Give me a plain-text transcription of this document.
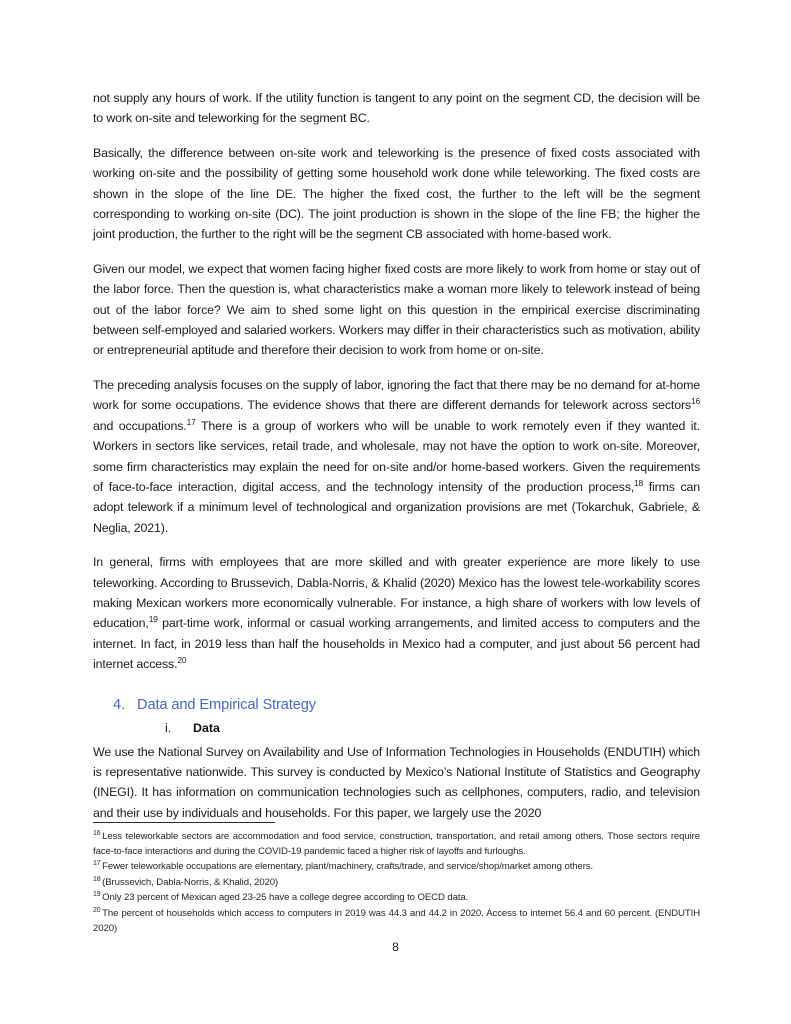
not supply any hours of work. If the utility function is tangent to any point on the segment CD, the decision will be to work on-site and teleworking for the segment BC.

Basically, the difference between on-site work and teleworking is the presence of fixed costs associated with working on-site and the possibility of getting some household work done while teleworking. The fixed costs are shown in the slope of the line DE. The higher the fixed cost, the further to the left will be the segment corresponding to working on-site (DC). The joint production is shown in the slope of the line FB; the higher the joint production, the further to the right will be the segment CB associated with home-based work.

Given our model, we expect that women facing higher fixed costs are more likely to work from home or stay out of the labor force. Then the question is, what characteristics make a woman more likely to telework instead of being out of the labor force? We aim to shed some light on this question in the empirical exercise discriminating between self-employed and salaried workers. Workers may differ in their characteristics such as motivation, ability or entrepreneurial aptitude and therefore their decision to work from home or on-site.

The preceding analysis focuses on the supply of labor, ignoring the fact that there may be no demand for at-home work for some occupations. The evidence shows that there are different demands for telework across sectors$^{16}$ and occupations.$^{17}$ There is a group of workers who will be unable to work remotely even if they wanted it. Workers in sectors like services, retail trade, and wholesale, may not have the option to work on-site. Moreover, some firm characteristics may explain the need for on-site and/or home-based workers. Given the requirements of face-to-face interaction, digital access, and the technology intensity of the production process,$^{18}$ firms can adopt telework if a minimum level of technological and organization provisions are met (Tokarchuk, Gabriele, & Neglia, 2021).

In general, firms with employees that are more skilled and with greater experience are more likely to use teleworking. According to Brussevich, Dabla-Norris, & Khalid (2020) Mexico has the lowest tele-workability scores making Mexican workers more economically vulnerable. For instance, a high share of workers with low levels of education,$^{19}$ part-time work, informal or casual working arrangements, and limited access to computers and the internet. In fact, in 2019 less than half the households in Mexico had a computer, and just about 56 percent had internet access.$^{20}$

4. Data and Empirical Strategy
i. Data

We use the National Survey on Availability and Use of Information Technologies in Households (ENDUTIH) which is representative nationwide. This survey is conducted by Mexico’s National Institute of Statistics and Geography (INEGI). It has information on communication technologies such as cellphones, computers, radio, and television and their use by individuals and households. For this paper, we largely use the 2020

$^{16}$ Less teleworkable sectors are accommodation and food service, construction, transportation, and retail among others. Those sectors require face-to-face interactions and during the COVID-19 pandemic faced a higher risk of layoffs and furloughs.

$^{17}$ Fewer teleworkable occupations are elementary, plant/machinery, crafts/trade, and service/shop/market among others.

$^{18}$ (Brussevich, Dabla-Norris, & Khalid, 2020)

$^{19}$ Only 23 percent of Mexican aged 23-25 have a college degree according to OECD data.

$^{20}$ The percent of households which access to computers in 2019 was 44.3 and 44.2 in 2020. Access to internet 56.4 and 60 percent. (ENDUTIH 2020)

8
